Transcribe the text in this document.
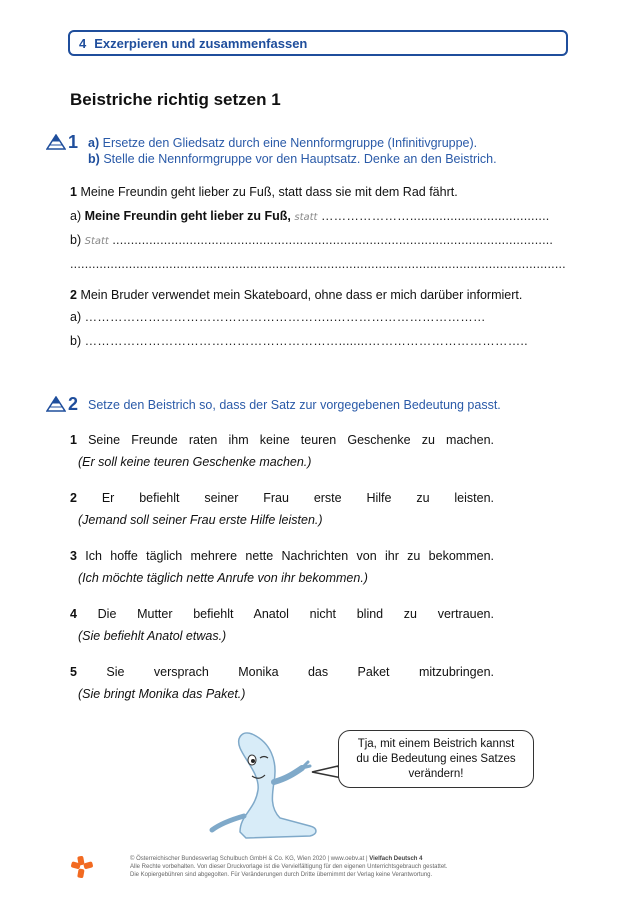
4 Exzerpieren und zusammenfassen
Beistriche richtig setzen 1
1 a) Ersetze den Gliedsatz durch eine Nennformgruppe (Infinitivgruppe).
b) Stelle die Nennformgruppe vor den Hauptsatz. Denke an den Beistrich.
1 Meine Freundin geht lieber zu Fuß, statt dass sie mit dem Rad fährt.
a) Meine Freundin geht lieber zu Fuß, statt …………………......................................
b) Statt ........................................................................................................................
.......................................................................................................................................
2 Mein Bruder verwendet mein Skateboard, ohne dass er mich darüber informiert.
a) …………………………………………………..………………………………
b) ……………………………………………………........………………………………..
2 Setze den Beistrich so, dass der Satz zur vorgegebenen Bedeutung passt.
1 Seine Freunde raten ihm keine teuren Geschenke zu machen.
(Er soll keine teuren Geschenke machen.)
2 Er befiehlt seiner Frau erste Hilfe zu leisten.
(Jemand soll seiner Frau erste Hilfe leisten.)
3 Ich hoffe täglich mehrere nette Nachrichten von ihr zu bekommen.
(Ich möchte täglich nette Anrufe von ihr bekommen.)
4 Die Mutter befiehlt Anatol nicht blind zu vertrauen.
(Sie befiehlt Anatol etwas.)
5 Sie versprach Monika das Paket mitzubringen.
(Sie bringt Monika das Paket.)
Tja, mit einem Beistrich kannst
du die Bedeutung eines Satzes
verändern!
© Österreichischer Bundesverlag Schulbuch GmbH & Co. KG, Wien 2020 | www.oebv.at | Vielfach Deutsch 4
Alle Rechte vorbehalten. Von dieser Druckvorlage ist die Vervielfältigung für den eigenen Unterrichtsgebrauch gestattet.
Die Kopiergebühren sind abgegolten. Für Veränderungen durch Dritte übernimmt der Verlag keine Verantwortung.
